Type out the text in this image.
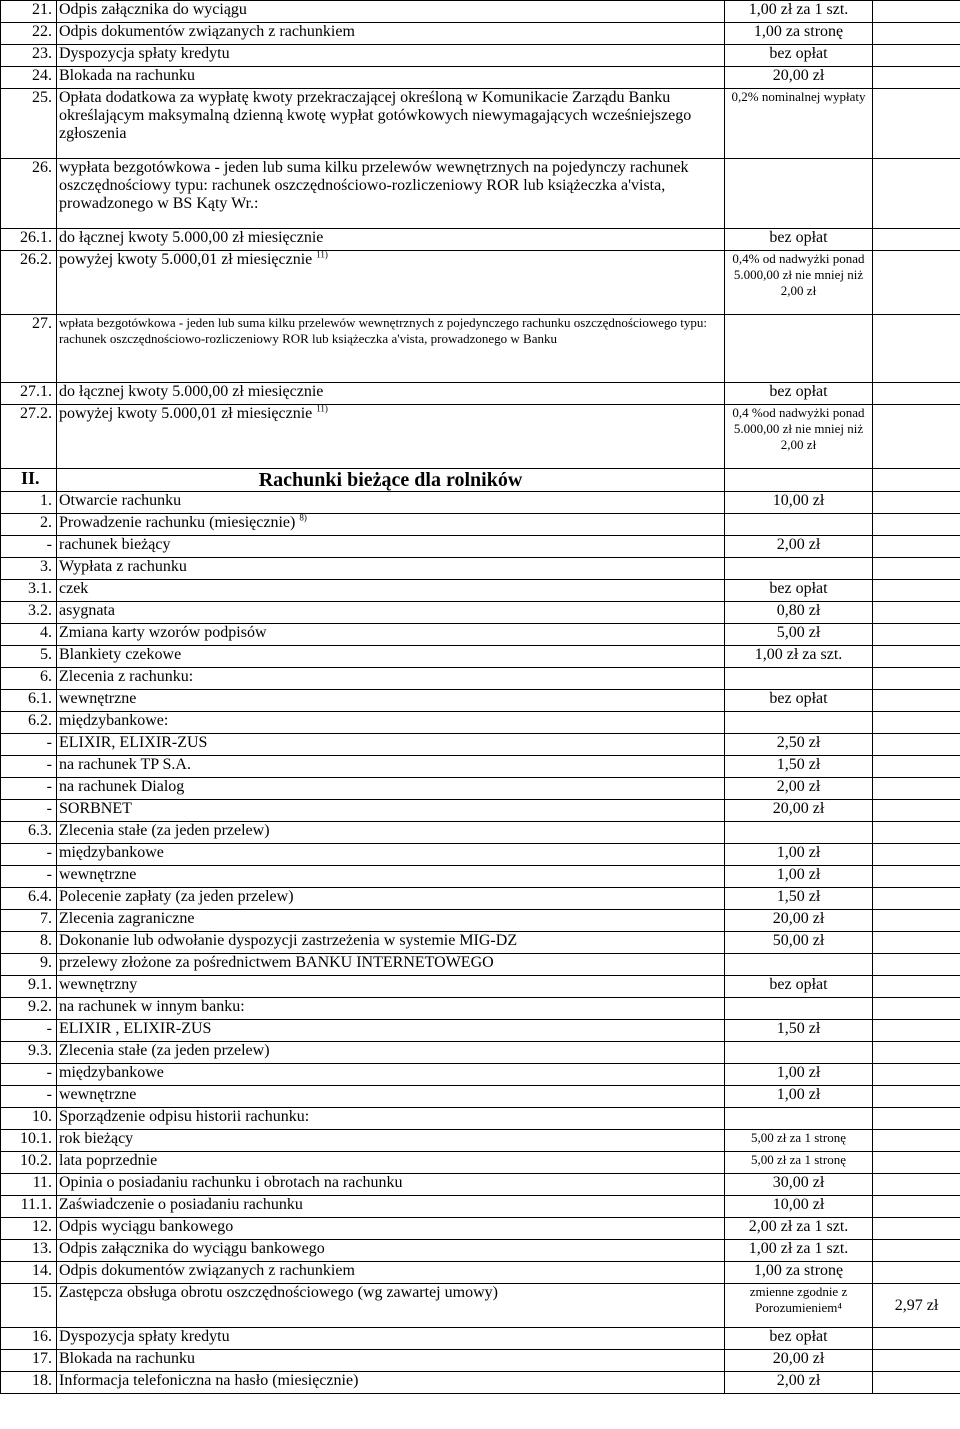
21.	Odpis załącznika do wyciągu	1,00 zł za 1 szt.	
22.	Odpis dokumentów związanych z rachunkiem	1,00 za stronę	
23.	Dyspozycja spłaty kredytu	bez opłat	
24.	Blokada na rachunku	20,00 zł	
25.	Opłata dodatkowa za wypłatę kwoty przekraczającej określoną w Komunikacie Zarządu Banku określającym maksymalną dzienną kwotę wypłat gotówkowych niewymagających wcześniejszego zgłoszenia	0,2% nominalnej wypłaty	
26.	wypłata bezgotówkowa - jeden lub suma kilku przelewów wewnętrznych na pojedynczy rachunek oszczędnościowy typu: rachunek oszczędnościowo-rozliczeniowy ROR lub książeczka a'vista, prowadzonego w BS Kąty Wr.:		
26.1.	do łącznej kwoty 5.000,00 zł miesięcznie	bez opłat	
26.2.	powyżej kwoty 5.000,01 zł miesięcznie $^{11)}$	0,4% od nadwyżki ponad 5.000,00 zł nie mniej niż 2,00 zł	
27.	wpłata bezgotówkowa - jeden lub suma kilku przelewów wewnętrznych z pojedynczego rachunku oszczędnościowego typu: rachunek oszczędnościowo-rozliczeniowy ROR lub książeczka a'vista, prowadzonego w Banku		
27.1.	do łącznej kwoty 5.000,00 zł miesięcznie	bez opłat	
27.2.	powyżej kwoty 5.000,01 zł miesięcznie $^{11)}$	0,4 %od nadwyżki ponad 5.000,00 zł nie mniej niż 2,00 zł	
II.	Rachunki bieżące dla rolników		
1.	Otwarcie rachunku	10,00 zł	
2.	Prowadzenie rachunku (miesięcznie) $^{8)}$		
-	rachunek bieżący	2,00 zł	
3.	Wypłata z rachunku		
3.1.	czek	bez opłat	
3.2.	asygnata	0,80 zł	
4.	Zmiana karty wzorów podpisów	5,00 zł	
5.	Blankiety czekowe	1,00 zł za szt.	
6.	Zlecenia z rachunku:		
6.1.	wewnętrzne	bez opłat	
6.2.	międzybankowe:		
-	ELIXIR, ELIXIR-ZUS	2,50 zł	
-	na rachunek TP S.A.	1,50 zł	
-	na rachunek Dialog	2,00 zł	
-	SORBNET	20,00 zł	
6.3.	Zlecenia stałe (za jeden przelew)		
-	międzybankowe	1,00 zł	
-	wewnętrzne	1,00 zł	
6.4.	Polecenie zapłaty (za jeden przelew)	1,50 zł	
7.	Zlecenia zagraniczne	20,00 zł	
8.	Dokonanie lub odwołanie dyspozycji zastrzeżenia w systemie MIG-DZ	50,00 zł	
9.	przelewy złożone za pośrednictwem BANKU INTERNETOWEGO		
9.1.	wewnętrzny	bez opłat	
9.2.	na rachunek w innym banku:		
-	ELIXIR , ELIXIR-ZUS	1,50 zł	
9.3.	Zlecenia stałe (za jeden przelew)		
-	międzybankowe	1,00 zł	
-	wewnętrzne	1,00 zł	
10.	Sporządzenie odpisu historii rachunku:		
10.1.	rok bieżący	5,00 zł za 1 stronę	
10.2.	lata poprzednie	5,00 zł za 1 stronę	
11.	Opinia o posiadaniu rachunku i obrotach na rachunku	30,00 zł	
11.1.	Zaświadczenie o posiadaniu rachunku	10,00 zł	
12.	Odpis wyciągu bankowego	2,00 zł za 1 szt.	
13.	Odpis załącznika do wyciągu bankowego	1,00 zł za 1 szt.	
14.	Odpis dokumentów związanych z rachunkiem	1,00 za stronę	
15.	Zastępcza obsługa obrotu oszczędnościowego (wg zawartej umowy)	zmienne zgodnie z Porozumieniem⁴	2,97 zł
16.	Dyspozycja spłaty kredytu	bez opłat	
17.	Blokada na rachunku	20,00 zł	
18.	Informacja telefoniczna na hasło (miesięcznie)	2,00 zł	
